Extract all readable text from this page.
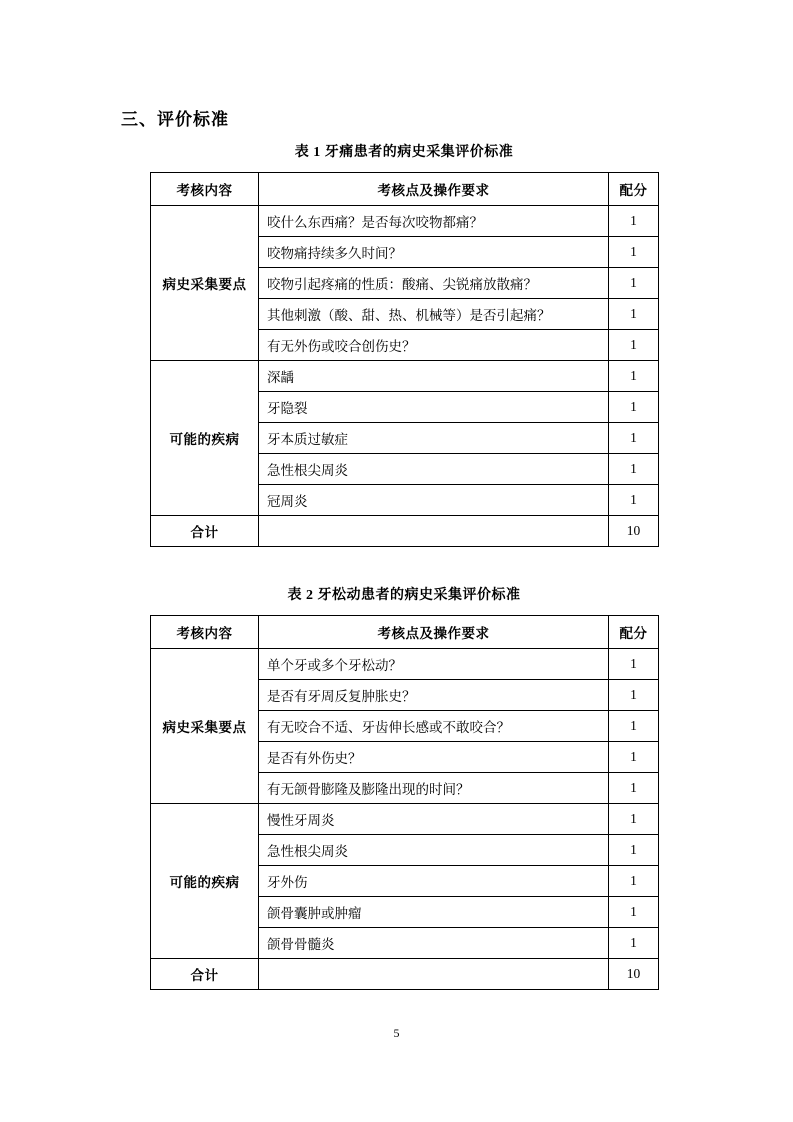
三、评价标准
表 1 牙痛患者的病史采集评价标准
考核内容	考核点及操作要求	配分
病史采集要点	咬什么东西痛？是否每次咬物都痛？	1
	咬物痛持续多久时间？	1
	咬物引起疼痛的性质：酸痛、尖锐痛放散痛？	1
	其他刺激（酸、甜、热、机械等）是否引起痛？	1
	有无外伤或咬合创伤史？	1
可能的疾病	深龋	1
	牙隐裂	1
	牙本质过敏症	1
	急性根尖周炎	1
	冠周炎	1
合计		10
表 2 牙松动患者的病史采集评价标准
考核内容	考核点及操作要求	配分
病史采集要点	单个牙或多个牙松动？	1
	是否有牙周反复肿胀史？	1
	有无咬合不适、牙齿伸长感或不敢咬合？	1
	是否有外伤史？	1
	有无颌骨膨隆及膨隆出现的时间？	1
可能的疾病	慢性牙周炎	1
	急性根尖周炎	1
	牙外伤	1
	颌骨囊肿或肿瘤	1
	颌骨骨髓炎	1
合计		10
5
